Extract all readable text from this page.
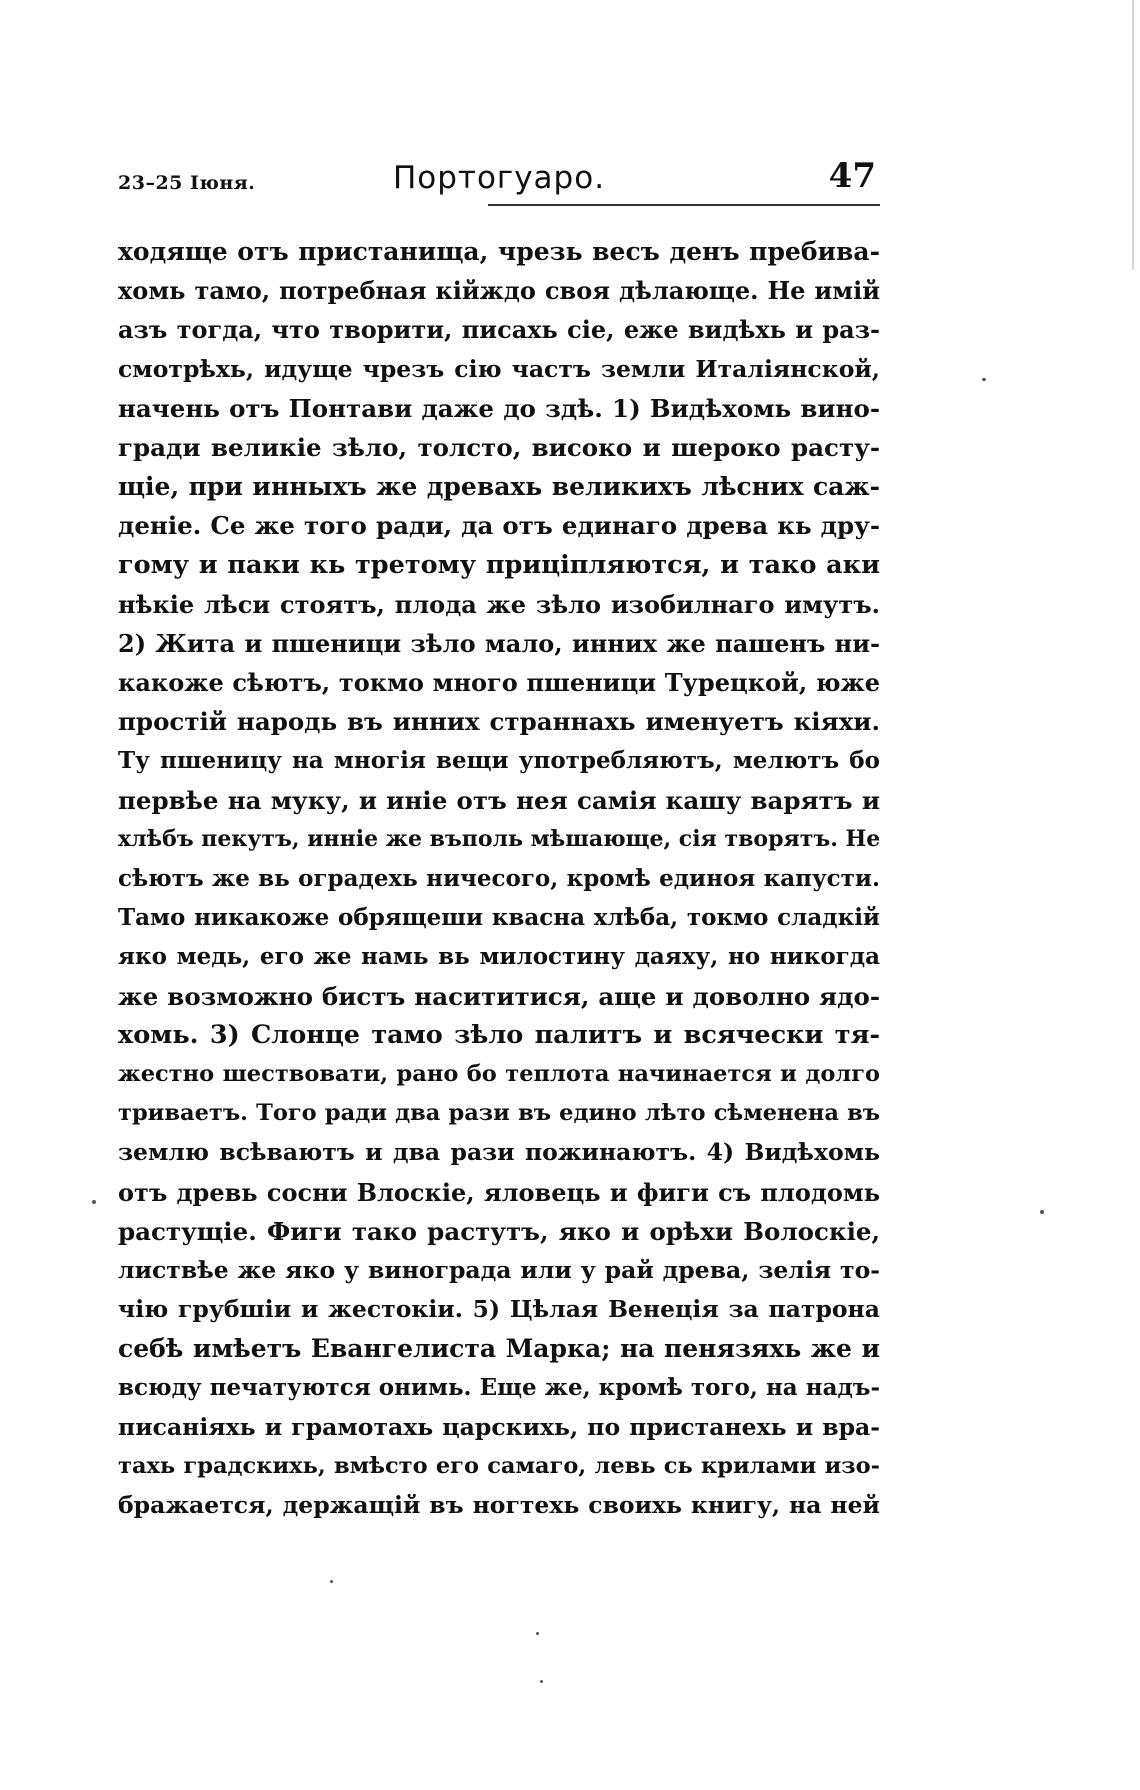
23–25 Іюня.	Портогуаро.	47
ходяще отъ пристанища, чрезь весъ денъ пребива-
хомь тамо, потребная кійждо своя дѣлающе. Не имій
азъ тогда, что творити, писахь сіе, еже видѣхь и раз-
смотрѣхь, идуще чрезъ сію частъ земли Италіянской,
начень отъ Понтави даже до здѣ. 1) Видѣхомь вино-
гради великіе зѣло, толсто, високо и шероко расту-
щіе, при инныхъ же древахь великихъ лѣсних саж-
деніе. Се же того ради, да отъ единаго древа кь дру-
гому и паки кь третому прицiпляются, и тако аки
нѣкіе лѣси стоятъ, плода же зѣло изобилнаго имутъ.
2) Жита и пшеници зѣло мало, инних же пашенъ ни-
какоже сѣютъ, токмо много пшеници Турецкой, юже
простій народь въ инних страннахь именуетъ кіяхи.
Ту пшеницу на многія вещи употребляютъ, мелютъ бо
первѣе на муку, и иніе отъ нея самія кашу варятъ и
хлѣбъ пекутъ, инніе же въполь мѣшающе, сія творятъ. Не
сѣютъ же вь оградехь ничесого, кромѣ единоя капусти.
Тамо никакоже обрящеши квасна хлѣба, токмо сладкій
яко медь, его же намь вь милостину даяху, но никогда
же возможно бистъ насититися, аще и доволно ядо-
хомь. 3) Слонце тамо зѣло палитъ и всячески тя-
жестно шествовати, рано бо теплота начинается и долго
триваетъ. Того ради два рази въ едино лѣто сѣменена въ
землю всѣваютъ и два рази пожинаютъ. 4) Видѣхомь
отъ древь сосни Влоскіе, яловець и фиги съ плодомь
растущіе. Фиги тако растутъ, яко и орѣхи Волоскіе,
листвѣе же яко у винограда или у рай древа, зелія то-
чію грубшіи и жестокіи. 5) Цѣлая Венеція за патрона
себѣ имѣетъ Евангелиста Марка; на пенязяхь же и
всюду печатуются онимь. Еще же, кромѣ того, на надъ-
писаніяхь и грамотахь царскихь, по пристанехь и вра-
тахь градскихь, вмѣсто его самаго, левь сь крилами изо-
бражается, держащій въ ногтехь своихь книгу, на ней
